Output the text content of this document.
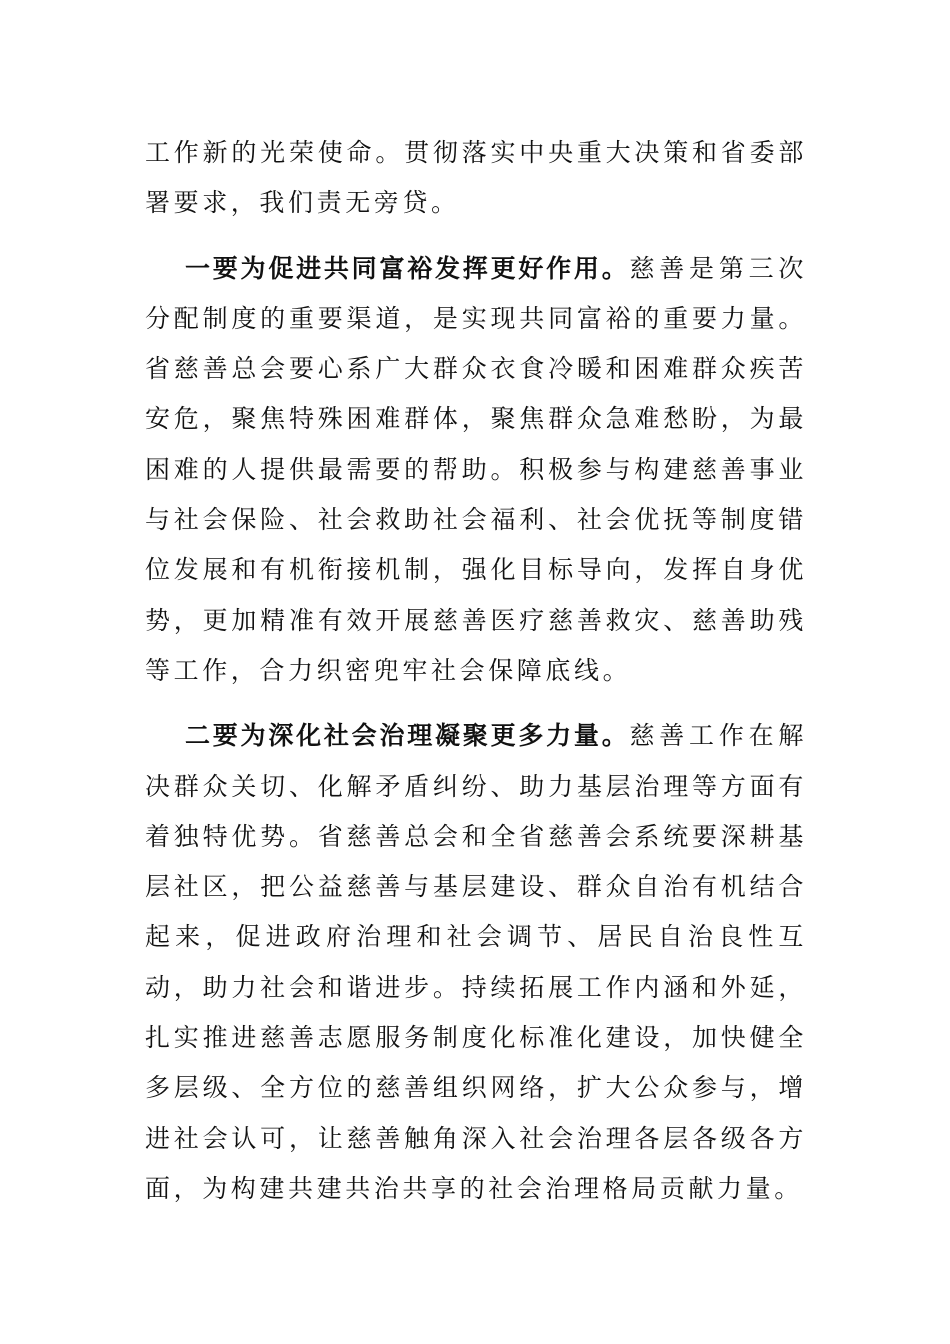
工作新的光荣使命。贯彻落实中央重大决策和省委部署要求，我们责无旁贷。

一要为促进共同富裕发挥更好作用。慈善是第三次分配制度的重要渠道，是实现共同富裕的重要力量。省慈善总会要心系广大群众衣食冷暖和困难群众疾苦安危，聚焦特殊困难群体，聚焦群众急难愁盼，为最困难的人提供最需要的帮助。积极参与构建慈善事业与社会保险、社会救助社会福利、社会优抚等制度错位发展和有机衔接机制，强化目标导向，发挥自身优势，更加精准有效开展慈善医疗慈善救灾、慈善助残等工作，合力织密兜牢社会保障底线。

二要为深化社会治理凝聚更多力量。慈善工作在解决群众关切、化解矛盾纠纷、助力基层治理等方面有着独特优势。省慈善总会和全省慈善会系统要深耕基层社区，把公益慈善与基层建设、群众自治有机结合起来，促进政府治理和社会调节、居民自治良性互动，助力社会和谐进步。持续拓展工作内涵和外延，扎实推进慈善志愿服务制度化标准化建设，加快健全多层级、全方位的慈善组织网络，扩大公众参与，增进社会认可，让慈善触角深入社会治理各层各级各方面，为构建共建共治共享的社会治理格局贡献力量。
